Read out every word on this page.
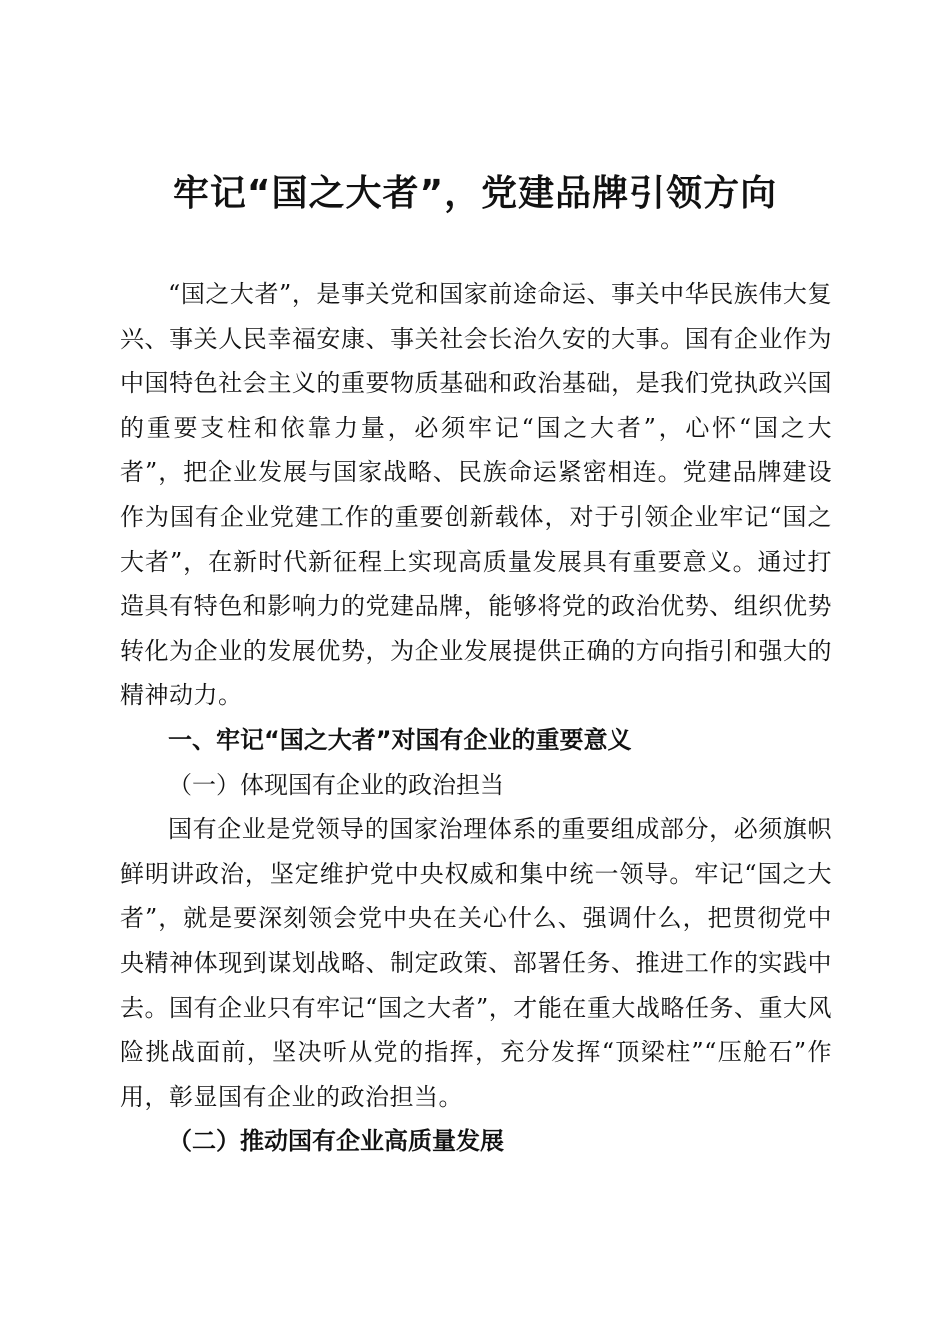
牢记“国之大者”，党建品牌引领方向

“国之大者”，是事关党和国家前途命运、事关中华民族伟大复兴、事关人民幸福安康、事关社会长治久安的大事。国有企业作为中国特色社会主义的重要物质基础和政治基础，是我们党执政兴国的重要支柱和依靠力量，必须牢记“国之大者”，心怀“国之大者”，把企业发展与国家战略、民族命运紧密相连。党建品牌建设作为国有企业党建工作的重要创新载体，对于引领企业牢记“国之大者”，在新时代新征程上实现高质量发展具有重要意义。通过打造具有特色和影响力的党建品牌，能够将党的政治优势、组织优势转化为企业的发展优势，为企业发展提供正确的方向指引和强大的精神动力。

一、牢记“国之大者”对国有企业的重要意义

（一）体现国有企业的政治担当

国有企业是党领导的国家治理体系的重要组成部分，必须旗帜鲜明讲政治，坚定维护党中央权威和集中统一领导。牢记“国之大者”，就是要深刻领会党中央在关心什么、强调什么，把贯彻党中央精神体现到谋划战略、制定政策、部署任务、推进工作的实践中去。国有企业只有牢记“国之大者”，才能在重大战略任务、重大风险挑战面前，坚决听从党的指挥，充分发挥“顶梁柱”“压舱石”作用，彰显国有企业的政治担当。

（二）推动国有企业高质量发展
